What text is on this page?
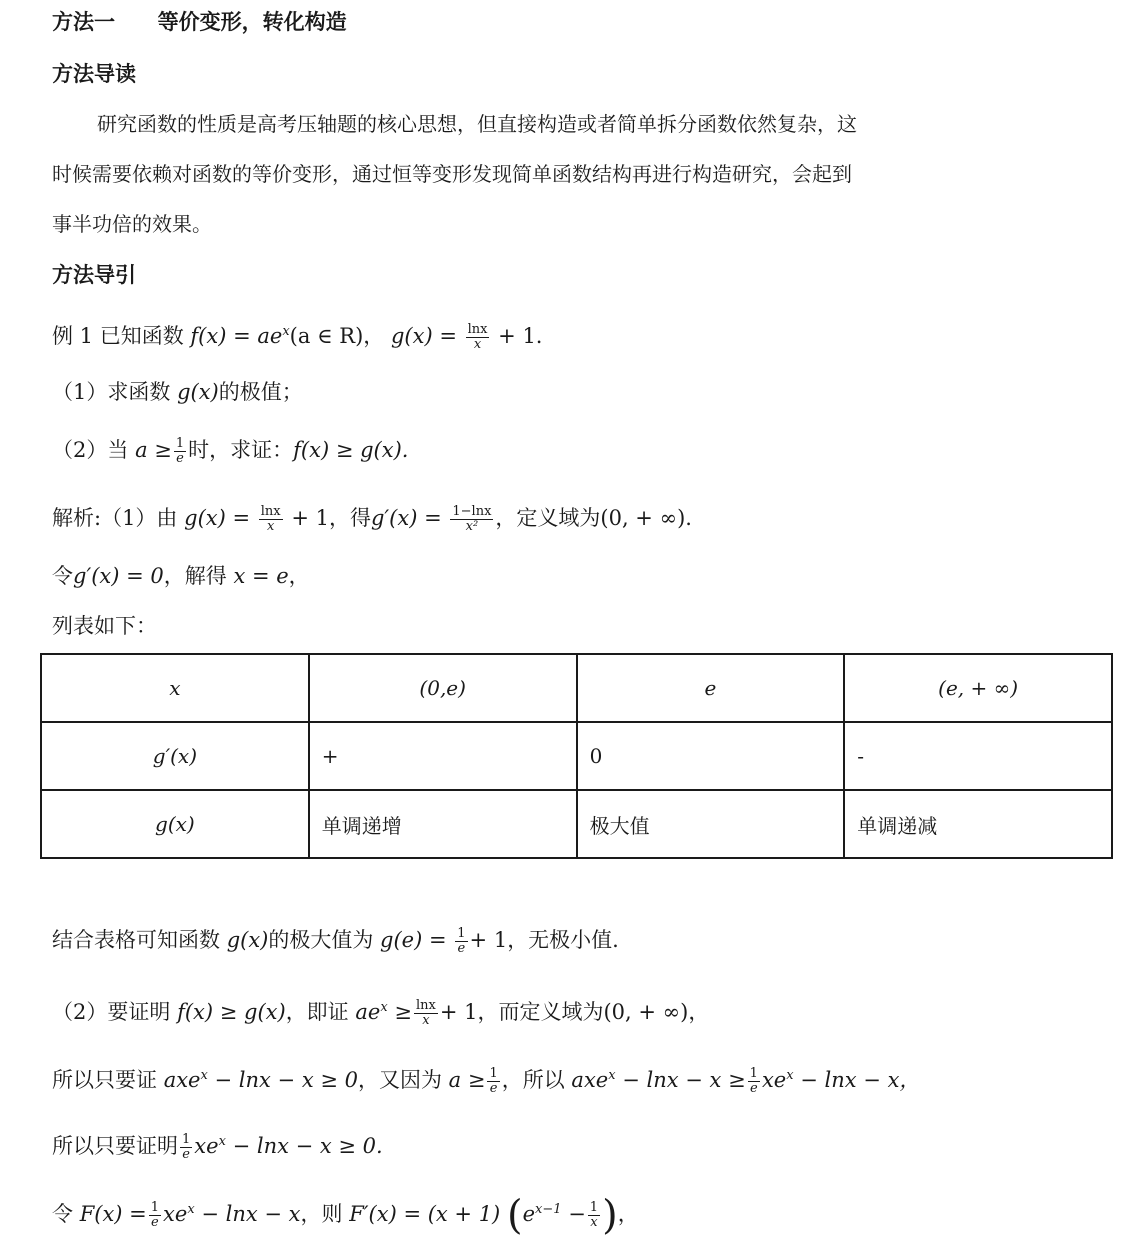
方法一 等价变形，转化构造
方法导读
研究函数的性质是高考压轴题的核心思想，但直接构造或者简单拆分函数依然复杂，这
时候需要依赖对函数的等价变形，通过恒等变形发现简单函数结构再进行构造研究，会起到
事半功倍的效果。
方法导引
例 1 已知函数 $f(x) = ae^x(a$ ∈ R)， $g(x) = \frac{\ln x}{x} + 1$.
（1）求函数 g(x)的极值；
（2）当 $a \ge \frac{1}{e}$ 时，求证：f(x) ≥ g(x).
解析:（1）由 $g(x) = \frac{\ln x}{x} + 1$，得$g'(x) = \frac{1-\ln x}{\text{x²}}$ ，定义域为(0, + ∞).
令g′(x) = 0，解得 x = e，
列表如下：
x	(0,e)	e	(e, + ∞)
g′(x)	+	0	-
g(x)	单调递增	极大值	单调递减
结合表格可知函数 g(x)的极大值为 $g(e) = \frac{1}{e} + 1$，无极小值.
（2）要证明 f(x) ≥ g(x)，即证 $ae^x \ge \frac{\ln x}{x} + 1$，而定义域为(0, + ∞)，
所以只要证 axe$^x$ − lnx − x ≥ 0，又因为 $a \ge \frac{1}{e}$ ，所以 $axe^x - \ln x - x \ge \frac{1}{e} xe^x - \ln x - x$，
所以只要证明 $\frac{1}{e} xe^x - \ln x - x \ge 0$.
令 $F(x) = \frac{1}{e} xe^x - \ln x - x$，则 F′(x) = (x + 1) ($e^{x-1} - \frac{1}{x}$ )，
